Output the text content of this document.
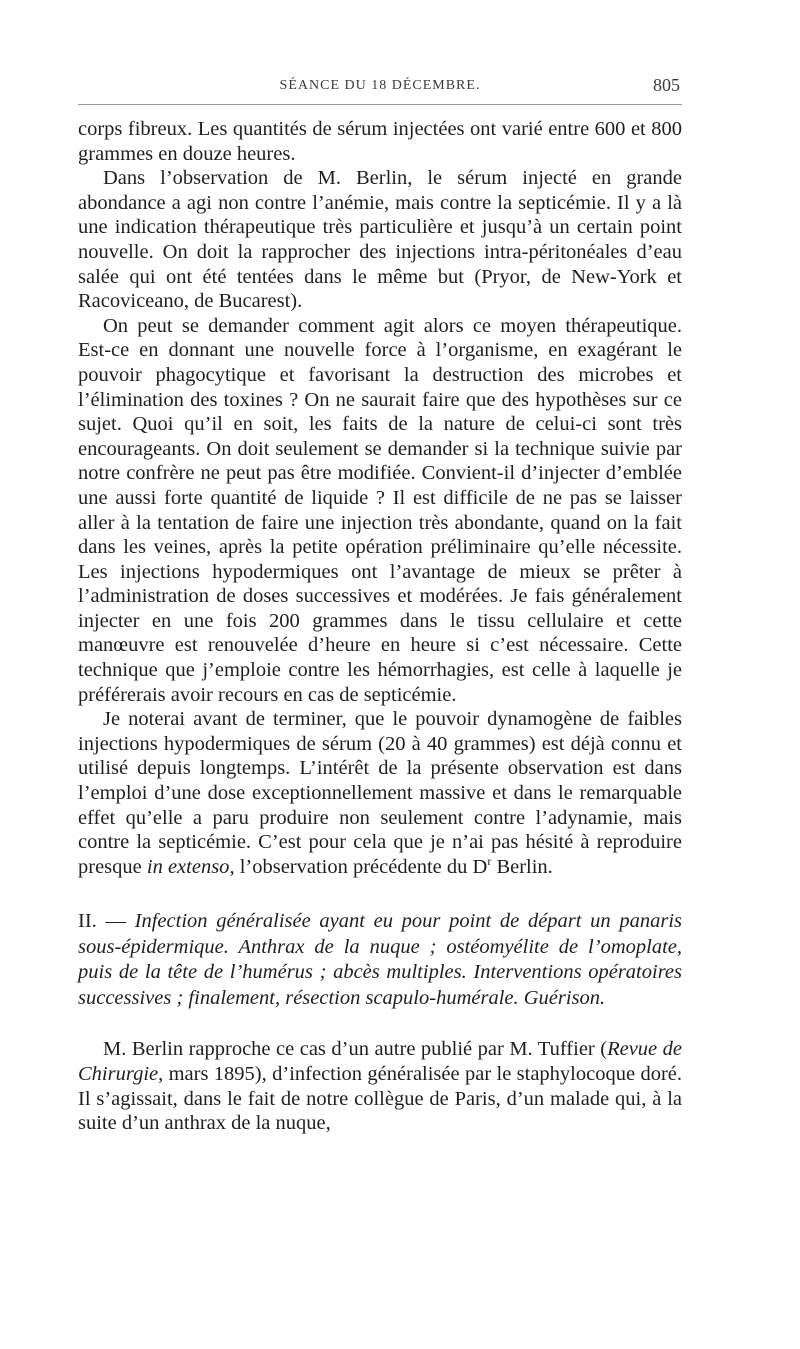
SÉANCE DU 18 DÉCEMBRE.	805

corps fibreux. Les quantités de sérum injectées ont varié entre 600 et 800 grammes en douze heures.

Dans l’observation de M. Berlin, le sérum injecté en grande abondance a agi non contre l’anémie, mais contre la septicémie. Il y a là une indication thérapeutique très particulière et jusqu’à un certain point nouvelle. On doit la rapprocher des injections intra-péritonéales d’eau salée qui ont été tentées dans le même but (Pryor, de New-York et Racoviceano, de Bucarest).

On peut se demander comment agit alors ce moyen thérapeutique. Est-ce en donnant une nouvelle force à l’organisme, en exagérant le pouvoir phagocytique et favorisant la destruction des microbes et l’élimination des toxines ? On ne saurait faire que des hypothèses sur ce sujet. Quoi qu’il en soit, les faits de la nature de celui-ci sont très encourageants. On doit seulement se demander si la technique suivie par notre confrère ne peut pas être modifiée. Convient-il d’injecter d’emblée une aussi forte quantité de liquide ? Il est difficile de ne pas se laisser aller à la tentation de faire une injection très abondante, quand on la fait dans les veines, après la petite opération préliminaire qu’elle nécessite. Les injections hypodermiques ont l’avantage de mieux se prêter à l’administration de doses successives et modérées. Je fais généralement injecter en une fois 200 grammes dans le tissu cellulaire et cette manœuvre est renouvelée d’heure en heure si c’est nécessaire. Cette technique que j’emploie contre les hémorrhagies, est celle à laquelle je préférerais avoir recours en cas de septicémie.

Je noterai avant de terminer, que le pouvoir dynamogène de faibles injections hypodermiques de sérum (20 à 40 grammes) est déjà connu et utilisé depuis longtemps. L’intérêt de la présente observation est dans l’emploi d’une dose exceptionnellement massive et dans le remarquable effet qu’elle a paru produire non seulement contre l’adynamie, mais contre la septicémie. C’est pour cela que je n’ai pas hésité à reproduire presque in extenso, l’observation précédente du $D^r$ Berlin.

II. — Infection généralisée ayant eu pour point de départ un panaris sous-épidermique. Anthrax de la nuque ; ostéomyélite de l’omoplate, puis de la tête de l’humérus ; abcès multiples. Interventions opératoires successives ; finalement, résection scapulo-humérale. Guérison.

M. Berlin rapproche ce cas d’un autre publié par M. Tuffier (Revue de Chirurgie, mars 1895), d’infection généralisée par le staphylocoque doré. Il s’agissait, dans le fait de notre collègue de Paris, d’un malade qui, à la suite d’un anthrax de la nuque,
